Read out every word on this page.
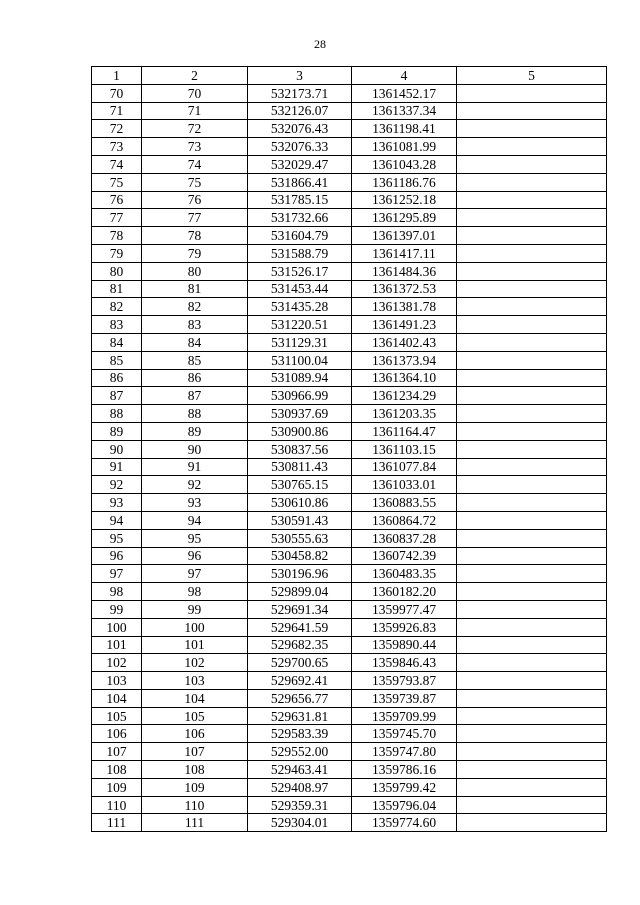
28
1	2	3	4	5
70	70	532173.71	1361452.17	
71	71	532126.07	1361337.34	
72	72	532076.43	1361198.41	
73	73	532076.33	1361081.99	
74	74	532029.47	1361043.28	
75	75	531866.41	1361186.76	
76	76	531785.15	1361252.18	
77	77	531732.66	1361295.89	
78	78	531604.79	1361397.01	
79	79	531588.79	1361417.11	
80	80	531526.17	1361484.36	
81	81	531453.44	1361372.53	
82	82	531435.28	1361381.78	
83	83	531220.51	1361491.23	
84	84	531129.31	1361402.43	
85	85	531100.04	1361373.94	
86	86	531089.94	1361364.10	
87	87	530966.99	1361234.29	
88	88	530937.69	1361203.35	
89	89	530900.86	1361164.47	
90	90	530837.56	1361103.15	
91	91	530811.43	1361077.84	
92	92	530765.15	1361033.01	
93	93	530610.86	1360883.55	
94	94	530591.43	1360864.72	
95	95	530555.63	1360837.28	
96	96	530458.82	1360742.39	
97	97	530196.96	1360483.35	
98	98	529899.04	1360182.20	
99	99	529691.34	1359977.47	
100	100	529641.59	1359926.83	
101	101	529682.35	1359890.44	
102	102	529700.65	1359846.43	
103	103	529692.41	1359793.87	
104	104	529656.77	1359739.87	
105	105	529631.81	1359709.99	
106	106	529583.39	1359745.70	
107	107	529552.00	1359747.80	
108	108	529463.41	1359786.16	
109	109	529408.97	1359799.42	
110	110	529359.31	1359796.04	
111	111	529304.01	1359774.60	
